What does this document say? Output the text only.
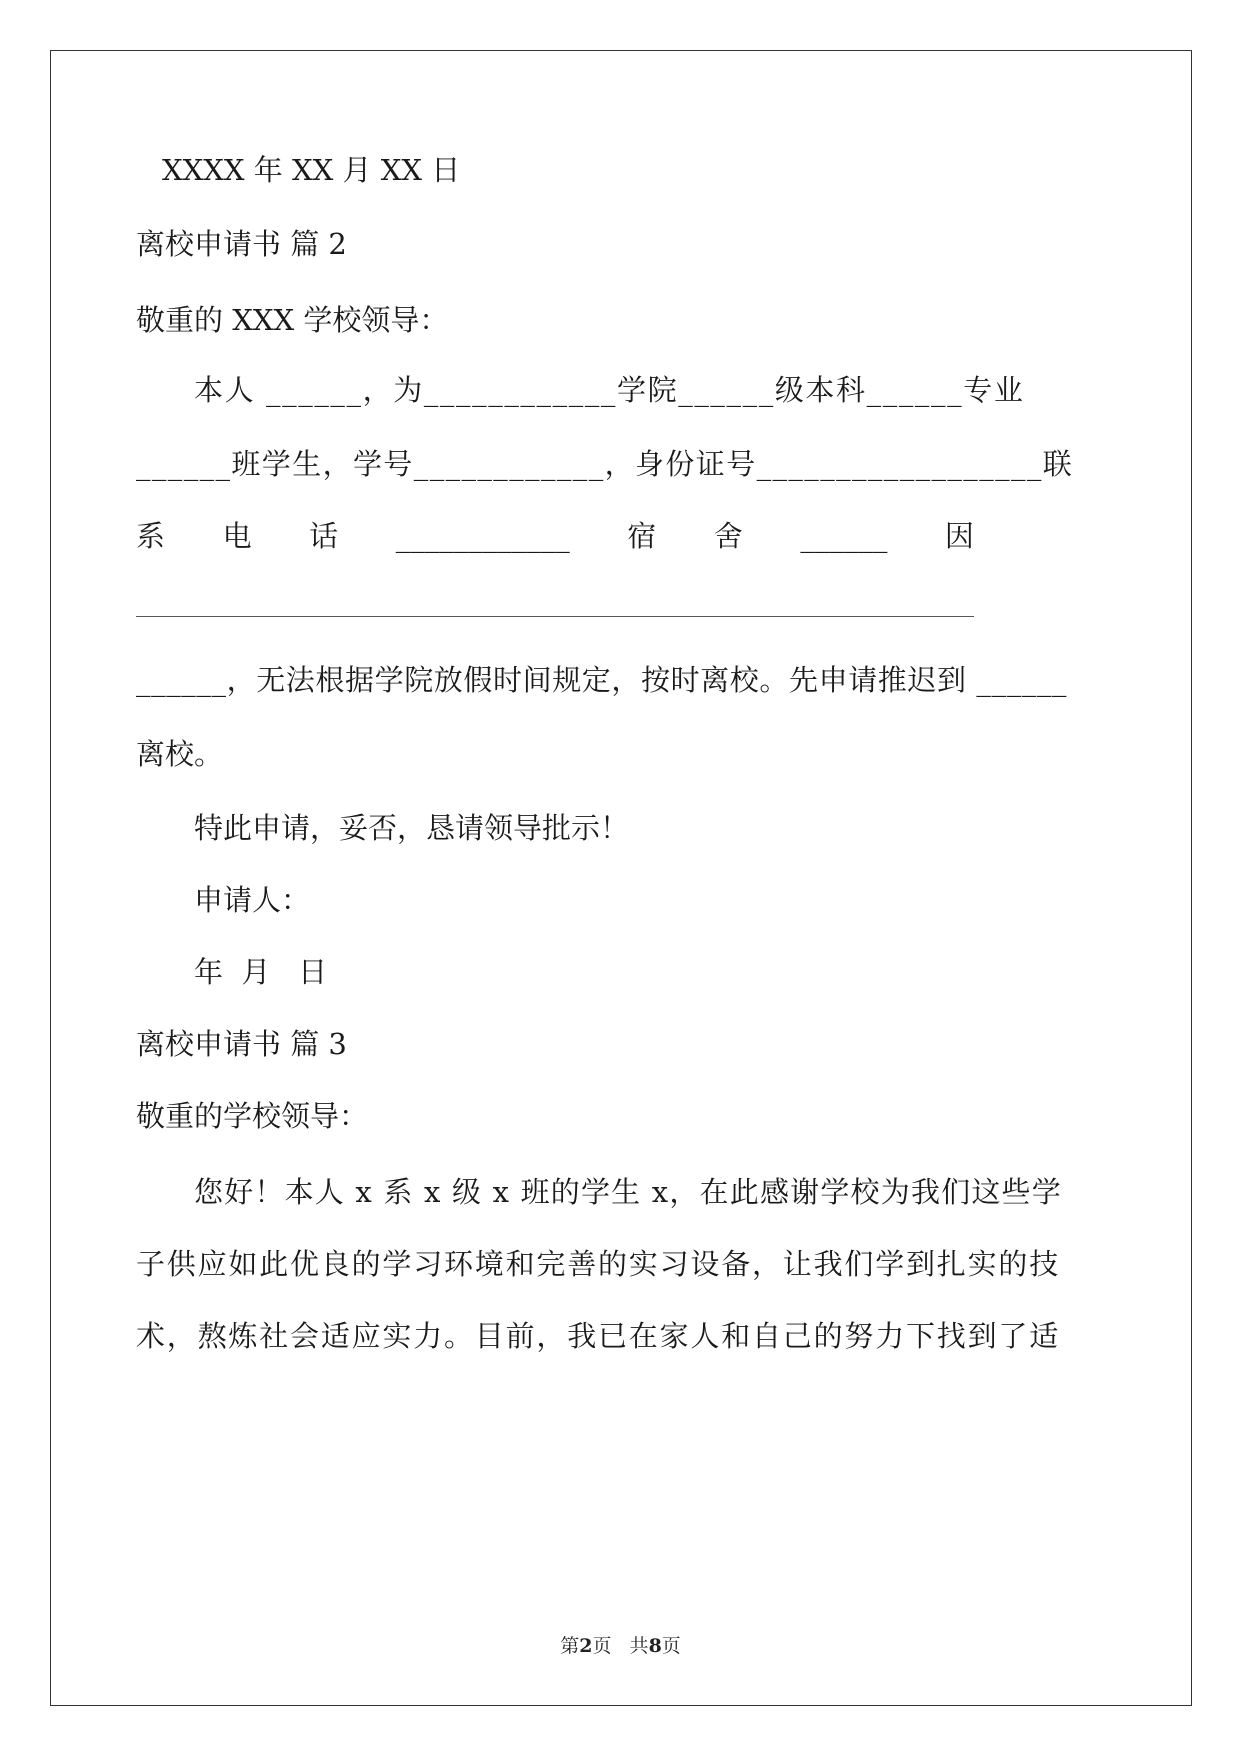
XXXX 年 XX 月 XX 日

离校申请书 篇 2

敬重的 XXX 学校领导：

本人 ______，为____________学院______级本科______专业

______班学生，学号____________，身份证号__________________联

系 电 话 ____________ 宿 舍 ______ 因

______，无法根据学院放假时间规定，按时离校。先申请推迟到 ______

离校。

特此申请，妥否，恳请领导批示！

申请人：

年  月   日

离校申请书 篇 3

敬重的学校领导：

您好！本人 x 系 x 级 x 班的学生 x，在此感谢学校为我们这些学

子供应如此优良的学习环境和完善的实习设备，让我们学到扎实的技

术，熬炼社会适应实力。目前，我已在家人和自己的努力下找到了适

第2页   共8页
